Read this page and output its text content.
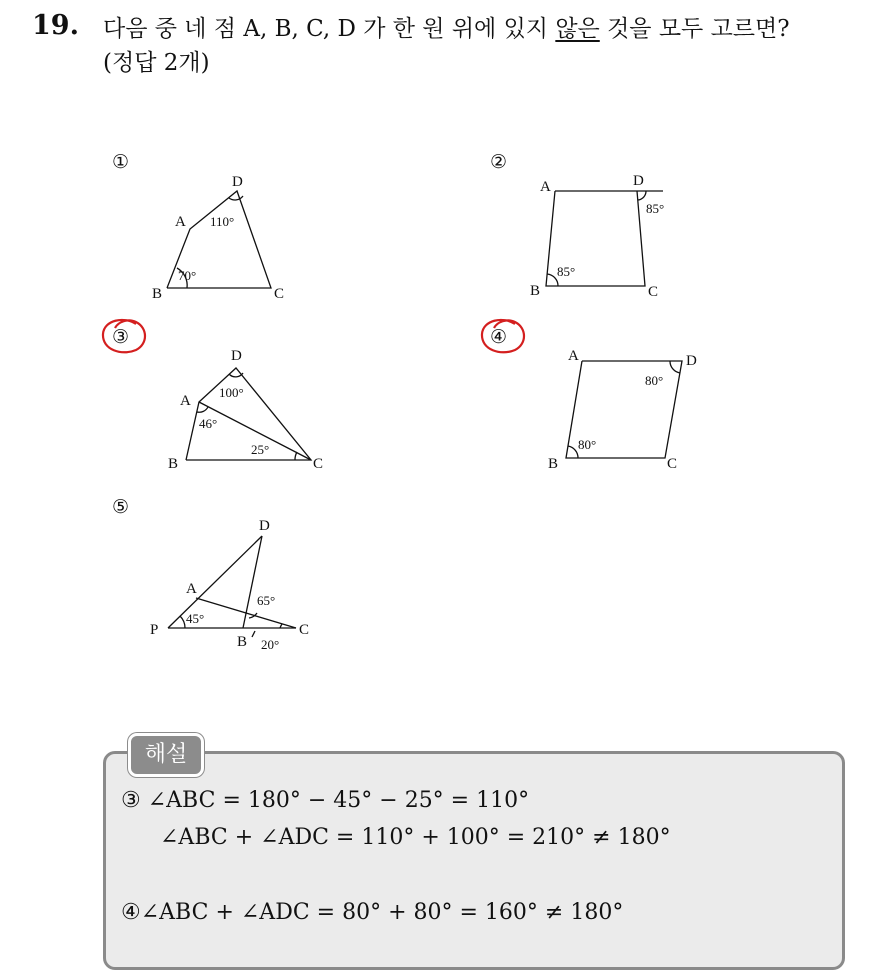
19. 다음 중 네 점 A, B, C, D 가 한 원 위에 있지 않은 것을 모두 고르면?
(정답 2개)
①	②
③	④
⑤
D
A
B	C
A	D
B	C
D
A
B	C
A	D
B	C
D
A
P
B
C
110°
70°
85°
85°
100°
46°
25°
80°
80°
65°
45°
20°
해설
③ ∠ABC = 180° − 45° − 25° = 110°
∠ABC + ∠ADC = 110° + 100° = 210° ≠ 180°
④∠ABC + ∠ADC = 80° + 80° = 160° ≠ 180°
